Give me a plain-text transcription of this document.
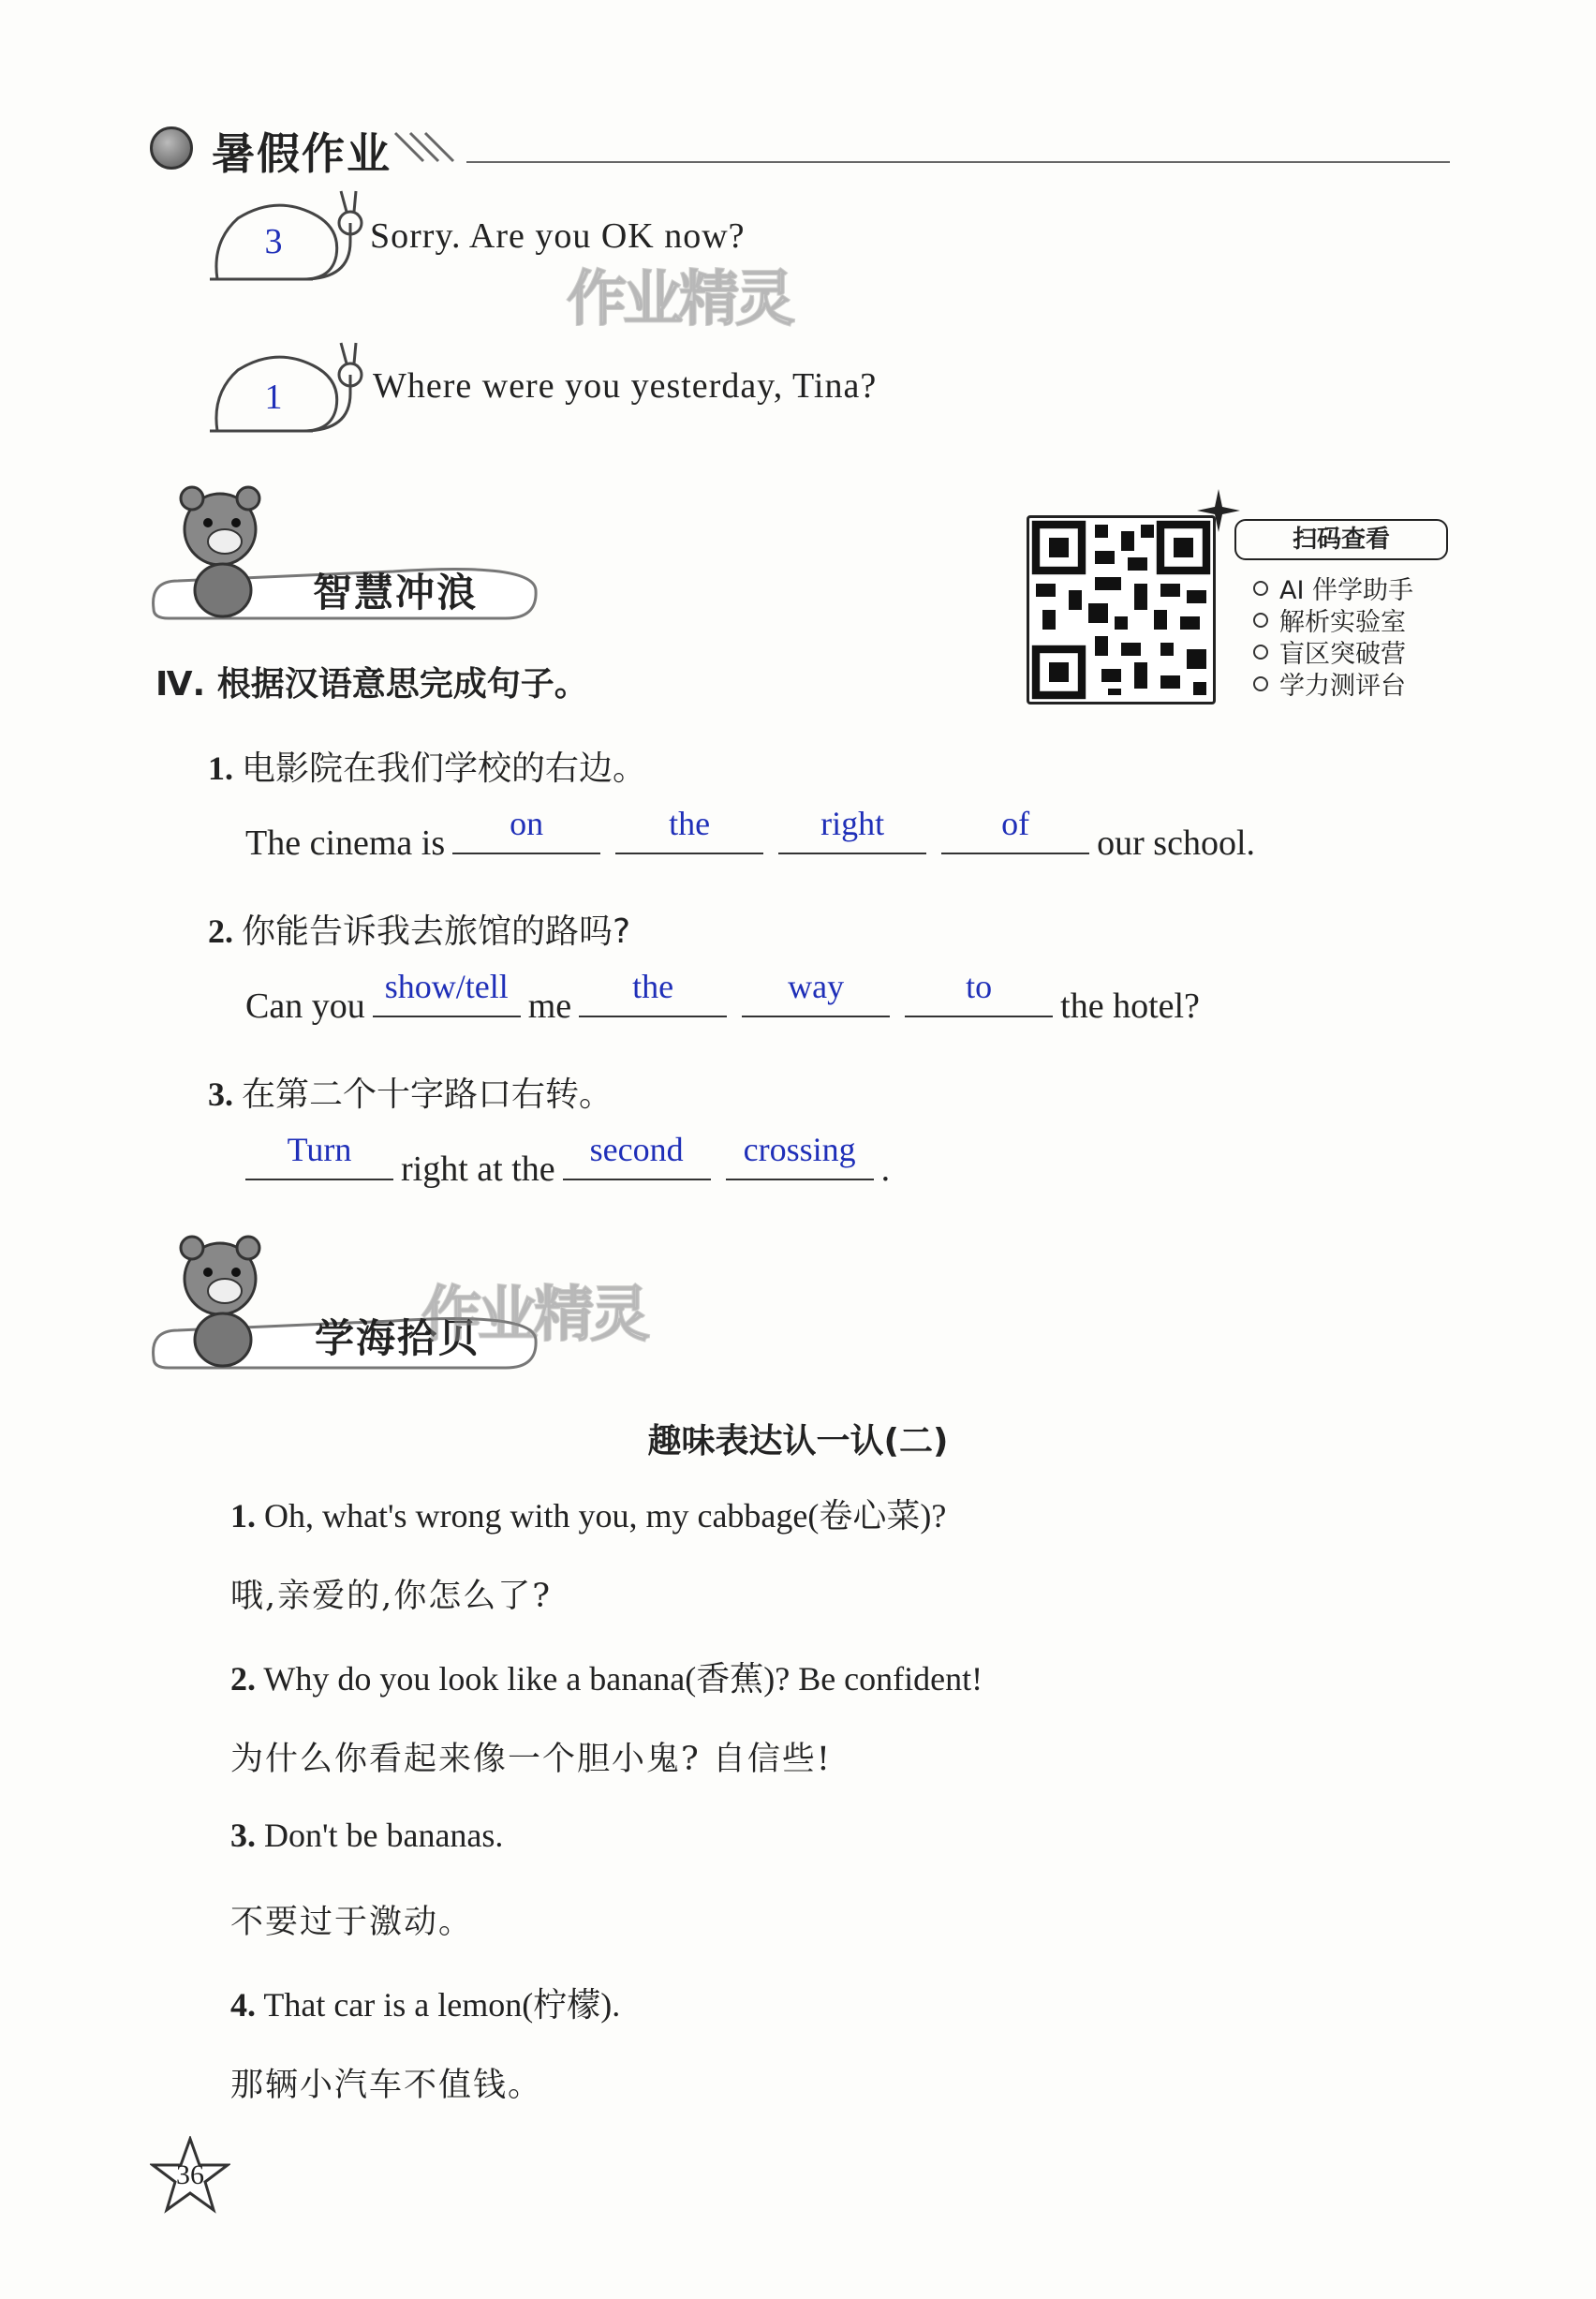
暑假作业
3	Sorry. Are you OK now?
1	Where were you yesterday, Tina?
作业精灵
智慧冲浪
扫码查看
AI 伴学助手
解析实验室
盲区突破营
学力测评台
Ⅳ. 根据汉语意思完成句子。
1. 电影院在我们学校的右边。
The cinema is	on	the	right	of	our school.
2. 你能告诉我去旅馆的路吗?
Can you show/tell me	the	way	to	the hotel?
3. 在第二个十字路口右转。
Turn	right at the	second	crossing .
学海拾贝
作业精灵
趣味表达认一认(二)
1. Oh, what's wrong with you, my cabbage(卷心菜)?
哦,亲爱的,你怎么了?
2. Why do you look like a banana(香蕉)? Be confident!
为什么你看起来像一个胆小鬼? 自信些!
3. Don't be bananas.
不要过于激动。
4. That car is a lemon(柠檬).
那辆小汽车不值钱。
36
